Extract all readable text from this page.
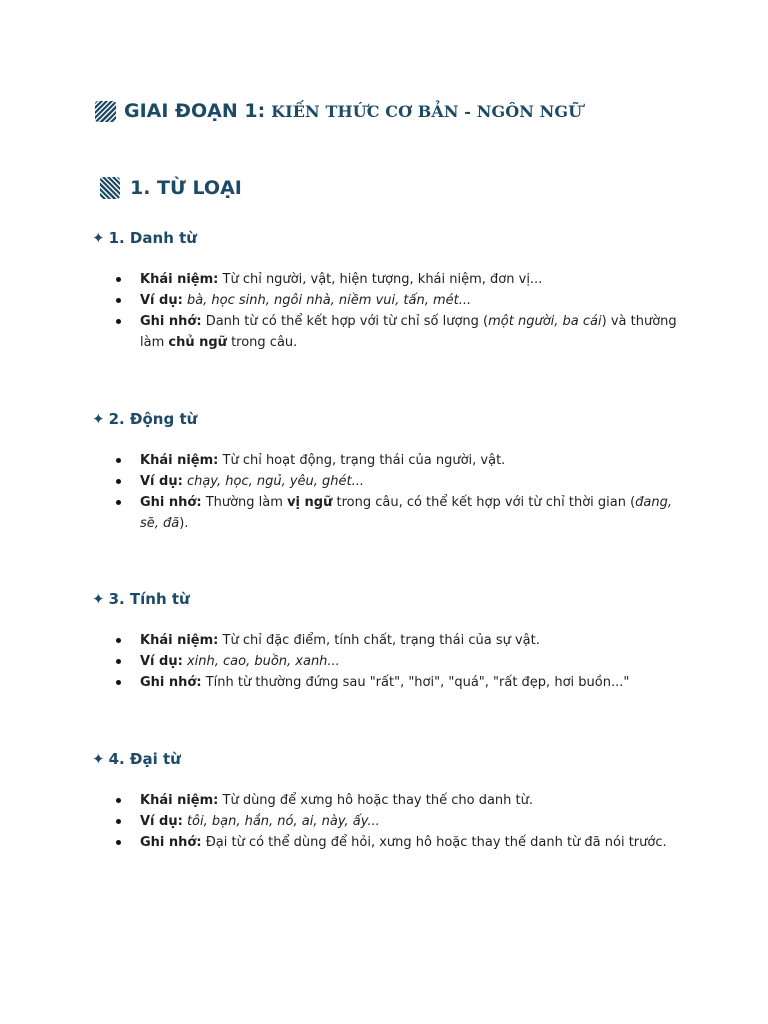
GIAI ĐOẠN 1: KIẾN THỨC CƠ BẢN - NGÔN NGỮ
1. TỪ LOẠI
✦ 1. Danh từ
Khái niệm: Từ chỉ người, vật, hiện tượng, khái niệm, đơn vị...
Ví dụ: bà, học sinh, ngôi nhà, niềm vui, tấn, mét...
Ghi nhớ: Danh từ có thể kết hợp với từ chỉ số lượng (một người, ba cái) và thường làm chủ ngữ trong câu.
✦ 2. Động từ
Khái niệm: Từ chỉ hoạt động, trạng thái của người, vật.
Ví dụ: chạy, học, ngủ, yêu, ghét...
Ghi nhớ: Thường làm vị ngữ trong câu, có thể kết hợp với từ chỉ thời gian (đang, sẽ, đã).
✦ 3. Tính từ
Khái niệm: Từ chỉ đặc điểm, tính chất, trạng thái của sự vật.
Ví dụ: xinh, cao, buồn, xanh...
Ghi nhớ: Tính từ thường đứng sau "rất", "hơi", "quá", "rất đẹp, hơi buồn..."
✦ 4. Đại từ
Khái niệm: Từ dùng để xưng hô hoặc thay thế cho danh từ.
Ví dụ: tôi, bạn, hắn, nó, ai, này, ấy...
Ghi nhớ: Đại từ có thể dùng để hỏi, xưng hô hoặc thay thế danh từ đã nói trước.
